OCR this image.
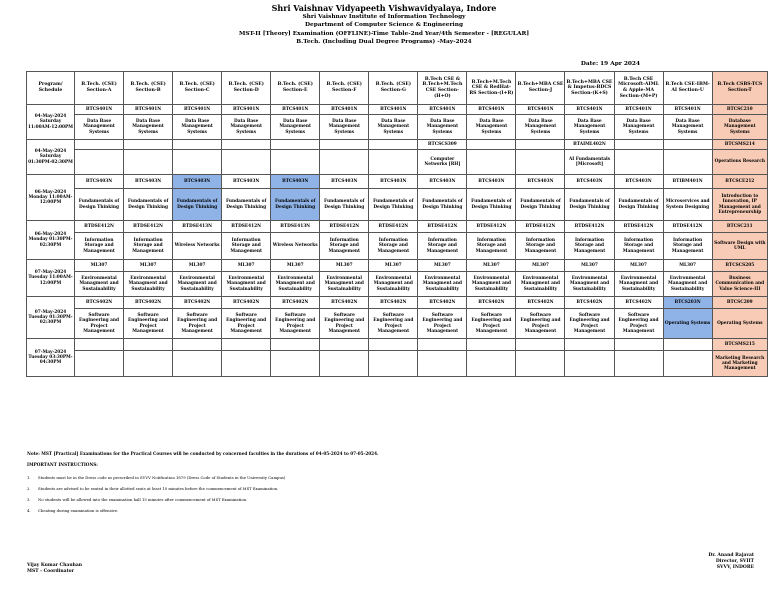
Shri Vaishnav Vidyapeeth Vishwavidyalaya, Indore
Shri Vaishnav Institute of Information Technology
Department of Computer Science & Engineering
MST-II [Theory] Examination (OFFLINE)-Time Table-2nd Year/4th Semester - [REGULAR]
B.Tech. (Including Dual Degree Programs) -May-2024
Date: 19 Apr 2024
Program/ Schedule	B.Tech. (CSE) Section-A	B.Tech. (CSE) Section-B	B.Tech. (CSE) Section-C	B.Tech. (CSE) Section-D	B.Tech. (CSE) Section-E	B.Tech. (CSE) Section-F	B.Tech. (CSE) Section-G	B.Tech CSE & B.Tech+M.Tech CSE Section-(H+O)	B.Tech+M.Tech CSE & RedHat-RS Section-(I+R)	B.Tech+MBA CSE Section-J	B.Tech+MBA CSE & Impetus-BDCS Section-(K+S)	B.Tech CSE Microsoft-AIML & Apple-MA Section-(M+P)	B.Tech CSE-IBM-AI Section-U	B.Tech CSBS-TCS Section-T
04-May-2024 Saturday 11:00AM-12:00PM	BTCS401N	BTCS401N	BTCS401N	BTCS401N	BTCS401N	BTCS401N	BTCS401N	BTCS401N	BTCS401N	BTCS401N	BTCS401N	BTCS401N	BTCS401N	BTCSC210
	Data Base Management Systems	Data Base Management Systems	Data Base Management Systems	Data Base Management Systems	Data Base Management Systems	Data Base Management Systems	Data Base Management Systems	Data Base Management Systems	Data Base Management Systems	Data Base Management Systems	Data Base Management Systems	Data Base Management Systems	Data Base Management Systems	Database Management Systems
04-May-2024 Saturday 01:30PM-02:30PM								BTCSCS309			BTAIML402N			BTCSMS214
								Computer Networks [RH]			AI Fundamentals [Microsoft]			Operations Research
06-May-2024 Monday 11:00AM-12:00PM	BTCS403N	BTCS403N	BTCS403N	BTCS403N	BTCS403N	BTCS403N	BTCS403N	BTCS403N	BTCS403N	BTCS403N	BTCS403N	BTCS403N	BTIBM401N	BTCSCE212
	Fundamentals of Design Thinking	Fundamentals of Design Thinking	Fundamentals of Design Thinking	Fundamentals of Design Thinking	Fundamentals of Design Thinking	Fundamentals of Design Thinking	Fundamentals of Design Thinking	Fundamentals of Design Thinking	Fundamentals of Design Thinking	Fundamentals of Design Thinking	Fundamentals of Design Thinking	Fundamentals of Design Thinking	Microservices and System Designing	Introduction to Innovation, IP Management and Entrepreneurship
06-May-2024 Monday 01:30PM-02:30PM	BTDSE412N	BTDSE412N	BTDSE413N	BTDSE412N	BTDSE413N	BTDSE412N	BTDSE412N	BTDSE412N	BTDSE412N	BTDSE412N	BTDSE412N	BTDSE412N	BTDSE412N	BTCSC211
	Information Storage and Management	Information Storage and Management	Wireless Networks	Information Storage and Management	Wireless Networks	Information Storage and Management	Information Storage and Management	Information Storage and Management	Information Storage and Management	Information Storage and Management	Information Storage and Management	Information Storage and Management	Information Storage and Management	Software Design with UML
07-May-2024 Tuesday 11:00AM-12:00PM	ML307	ML307	ML307	ML307	ML307	ML307	ML307	ML307	ML307	ML307	ML307	ML307	ML307	BTCSCS205
	Environmental Managment and Sustainability	Environmental Managment and Sustainability	Environmental Managment and Sustainability	Environmental Managment and Sustainability	Environmental Managment and Sustainability	Environmental Managment and Sustainability	Environmental Managment and Sustainability	Environmental Managment and Sustainability	Environmental Managment and Sustainability	Environmental Managment and Sustainability	Environmental Managment and Sustainability	Environmental Managment and Sustainability	Environmental Managment and Sustainability	Business Communication and Value Science-III
07-May-2024 Tuesday 01:30PM-02:30PM	BTCS402N	BTCS402N	BTCS402N	BTCS402N	BTCS402N	BTCS402N	BTCS402N	BTCS402N	BTCS402N	BTCS402N	BTCS402N	BTCS402N	BTCS203N	BTCSC209
	Software Engineering and Project Management	Software Engineering and Project Management	Software Engineering and Project Management	Software Engineering and Project Management	Software Engineering and Project Management	Software Engineering and Project Management	Software Engineering and Project Management	Software Engineering and Project Management	Software Engineering and Project Management	Software Engineering and Project Management	Software Engineering and Project Management	Software Engineering and Project Management	Operating Systems	Operating Systems
07-May-2024 Tuesday 03:30PM-04:30PM														BTCSMS215
														Marketing Research and Marketing Management
Note: MST [Practical] Examinations for the Practical Courses will be conducted by concerned faculties in the durations of 04-05-2024 to 07-05-2024.
IMPORTANT INSTRUCTIONS:
1. Students must be in the Dress code as prescribed in SVVV Notification 1879 (Dress Code of Students in the University Campus)
2. Students are advised to be seated in their allotted seats at least 10 minutes before the commencement of MST Examination.
3. No students will be allowed into the examination hall 15 minutes after commencement of MST Examination.
4. Cheating during examination is offensive.
Vijay Kumar Chauhan
MST - Coordinator
Dr. Anand Rajavat
Director, SVIIT
SVVV, INDORE
